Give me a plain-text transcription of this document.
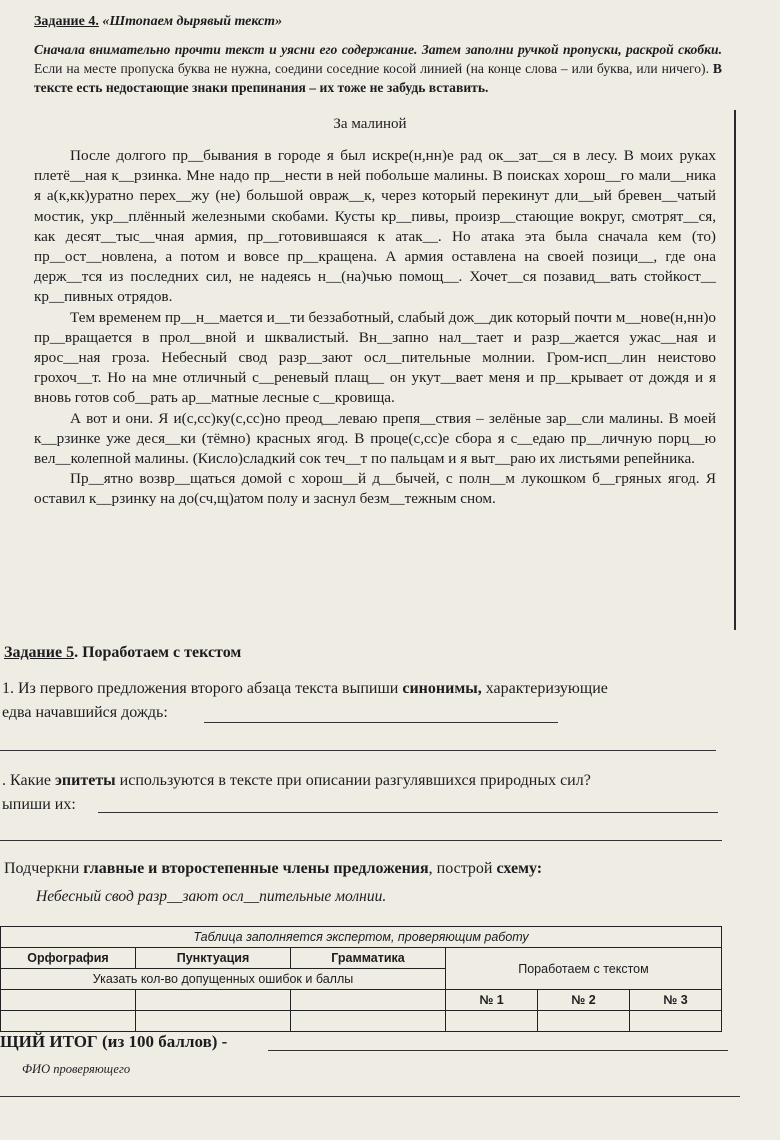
Задание 4. «Штопаем дырявый текст»
Сначала внимательно прочти текст и уясни его содержание. Затем заполни ручкой пропуски, раскрой скобки. Если на месте пропуска буква не нужна, соедини соседние косой линией (на конце слова – или буква, или ничего). В тексте есть недостающие знаки препинания – их тоже не забудь вставить.
За малиной

После долгого пр__бывания в городе я был искре(н,нн)е рад ок__зат__ся в лесу. В моих руках плетё__ная к__рзинка. Мне надо пр__нести в ней побольше малины. В поисках хорош__го мали__ника я а(к,кк)уратно перех__жу (не) большой овраж__к, через который перекинут дли__ый бревен__чатый мостик, укр__плённый железными скобами. Кусты кр__пивы, произр__стающие вокруг, смотрят__ся, как десят__тыс__чная армия, пр__готовившаяся к атак__. Но атака эта была сначала кем (то) пр__ост__новлена, а потом и вовсе пр__кращена. А армия оставлена на своей позици__, где она держ__тся из последних сил, не надеясь н__(на)чью помощ__. Хочет__ся позавид__вать стойкост__ кр__пивных отрядов.

Тем временем пр__н__мается и__ти беззаботный, слабый дож__дик который почти м__нове(н,нн)о пр__вращается в прол__вной и шквалистый. Вн__запно нал__тает и разр__жается ужас__ная и ярос__ная гроза. Небесный свод разр__зают осл__пительные молнии. Гром-исп__лин неистово грохоч__т. Но на мне отличный с__реневый плащ__ он укут__вает меня и пр__крывает от дождя и я вновь готов соб__рать ар__матные лесные с__кровища.

А вот и они. Я и(с,сс)ку(с,сс)но преод__леваю препя__ствия – зелёные зар__сли малины. В моей к__рзинке уже деся__ки (тёмно) красных ягод. В проце(с,сс)е сбора я с__едаю пр__личную порц__ю вел__колепной малины. (Кисло)сладкий сок теч__т по пальцам и я выт__раю их листьями репейника.

Пр__ятно возвр__щаться домой с хорош__й д__бычей, с полн__м лукошком б__гряных ягод. Я оставил к__рзинку на до(сч,щ)атом полу и заснул безм__тежным сном.

Задание 5. Поработаем с текстом
1. Из первого предложения второго абзаца текста выпиши синонимы, характеризующие
едва начавшийся дождь:
. Какие эпитеты используются в тексте при описании разгулявшихся природных сил?
ыпиши их:
Подчеркни главные и второстепенные члены предложения, построй схему:
Небесный свод разр__зают осл__пительные молнии.
Таблица заполняется экспертом, проверяющим работу					
Орфография	Пунктуация	Грамматика	Поработаем с текстом		
Указать кол-во допущенных ошибок и баллы					
			№ 1	№ 2	№ 3

ЩИЙ ИТОГ (из 100 баллов) -
ФИО проверяющего
